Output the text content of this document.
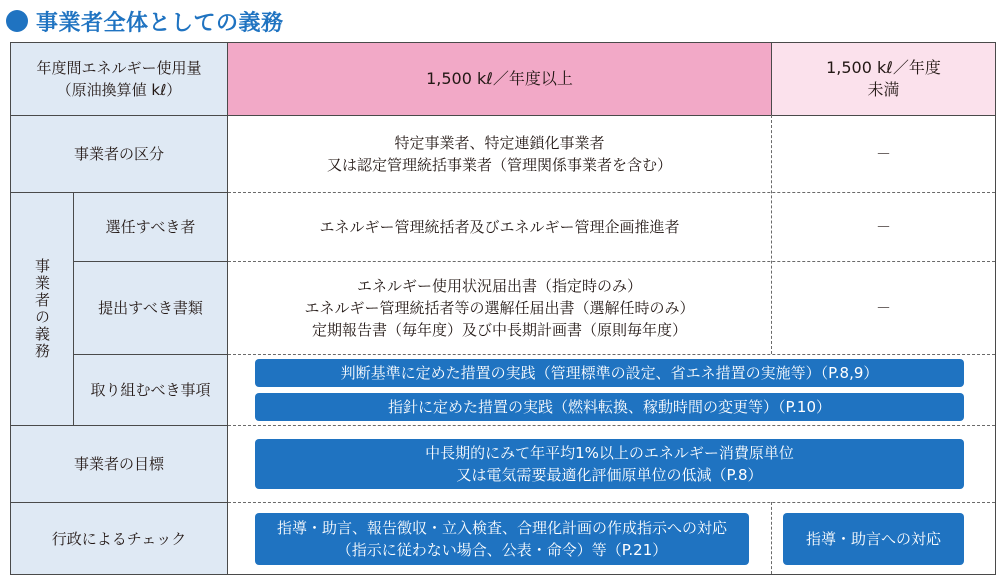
事業者全体としての義務
年度間エネルギー使用量
（原油換算値 kℓ）
1,500 kℓ／年度以上
1,500 kℓ／年度
未満
事業者の区分
事業者の義務
選任すべき者
提出すべき書類
取り組むべき事項
事業者の目標
行政によるチェック
特定事業者、特定連鎖化事業者
又は認定管理統括事業者（管理関係事業者を含む）
－
エネルギー管理統括者及びエネルギー管理企画推進者	－
エネルギー使用状況届出書（指定時のみ）
エネルギー管理統括者等の選解任届出書（選解任時のみ）
定期報告書（毎年度）及び中長期計画書（原則毎年度）
－
判断基準に定めた措置の実践（管理標準の設定、省エネ措置の実施等）（P.8,9）
指針に定めた措置の実践（燃料転換、稼動時間の変更等）（P.10）
中長期的にみて年平均1%以上のエネルギー消費原単位
又は電気需要最適化評価原単位の低減（P.8）
指導・助言、報告徴収・立入検査、合理化計画の作成指示への対応
（指示に従わない場合、公表・命令）等（P.21）
指導・助言への対応
